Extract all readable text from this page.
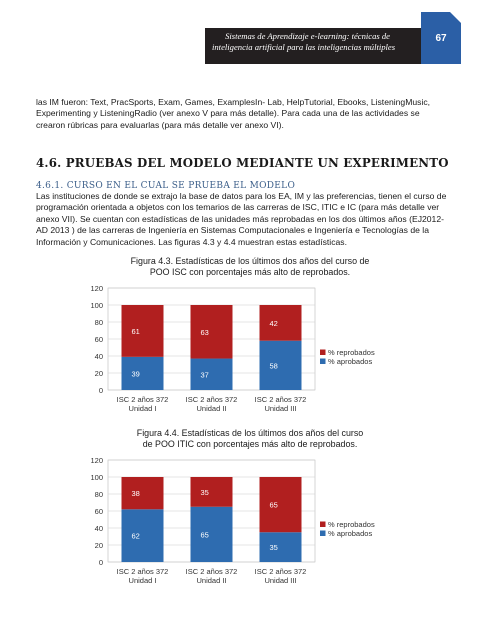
Sistemas de Aprendizaje e-learning: técnicas de
inteligencia artificial para las inteligencias múltiples
67
las IM fueron: Text, PracSports, Exam, Games, ExamplesIn- Lab, HelpTutorial, Ebooks, ListeningMusic, Experimenting y ListeningRadio (ver anexo V para más detalle). Para cada una de las actividades se crearon rúbricas para evaluarlas (para más detalle ver anexo VI).
4.6. PRUEBAS DEL MODELO MEDIANTE UN EXPERIMENTO
4.6.1. CURSO EN EL CUAL SE PRUEBA EL MODELO
Las instituciones de donde se extrajo la base de datos para los EA, IM y las preferencias, tienen el curso de programación orientada a objetos con los temarios de las carreras de ISC, ITIC e IC (para más detalle ver anexo VII). Se cuentan con estadísticas de las unidades más reprobadas en los dos últimos años (EJ2012- AD 2013 ) de las carreras de Ingeniería en Sistemas Computacionales e Ingeniería e Tecnologías de la Información y Comunicaciones. Las figuras 4.3 y 4.4 muestran estas estadísticas.
Figura 4.3. Estadísticas de los últimos dos años del curso de
POO ISC con porcentajes más alto de reprobados.
0
20
40
60
80
100
120
39
61
ISC 2 años 372
Unidad I
37
63
ISC 2 años 372
Unidad II
58
42
ISC 2 años 372
Unidad III
% reprobados
% aprobados
Figura 4.4. Estadísticas de los últimos dos años del curso
de POO ITIC con porcentajes más alto de reprobados.
0
20
40
60
80
100
120
62
38
ISC 2 años 372
Unidad I
65
35
ISC 2 años 372
Unidad II
35
65
ISC 2 años 372
Unidad III
% reprobados
% aprobados
